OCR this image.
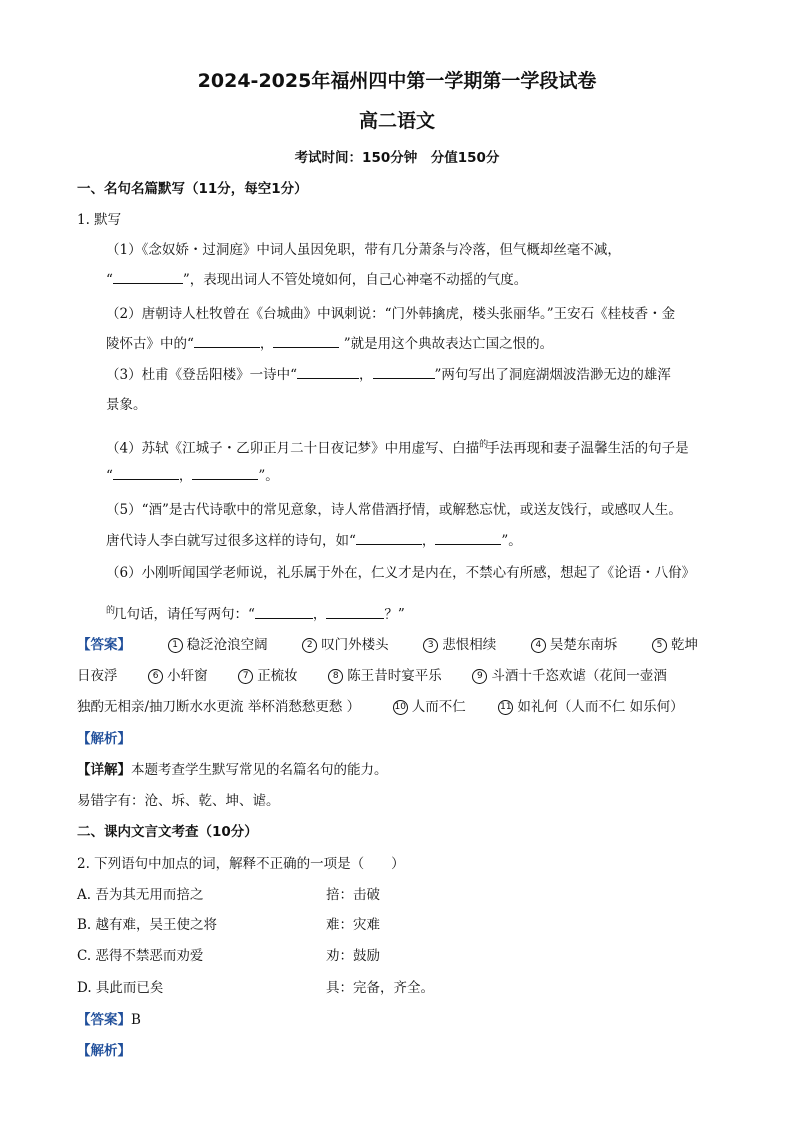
2024-2025年福州四中第一学期第一学段试卷
高二语文
考试时间：150分钟　分值150分
一、名句名篇默写（11分，每空1分）
1. 默写
（1）《念奴娇・过洞庭》中词人虽因免职，带有几分萧条与冷落，但气概却丝毫不减，
“	”，表现出词人不管处境如何，自己心神毫不动摇的气度。
（2）唐朝诗人杜牧曾在《台城曲》中讽刺说：“门外韩擒虎，楼头张丽华。”王安石《桂枝香・金
陵怀古》中的“	，	”就是用这个典故表达亡国之恨的。
（3）杜甫《登岳阳楼》一诗中“	，	”两句写出了洞庭湖烟波浩渺无边的雄浑
景象。
（4）苏轼《江城子・乙卯正月二十日夜记梦》中用虚写、白描$^的$手法再现和妻子温馨生活的句子是
“	，	”。
（5）“酒”是古代诗歌中的常见意象，诗人常借酒抒情，或解愁忘忧，或送友饯行，或感叹人生。
唐代诗人李白就写过很多这样的诗句，如“	，	”。
（6）小刚听闻国学老师说，礼乐属于外在，仁义才是内在，不禁心有所感，想起了《论语・八佾》
$^的$几句话，请任写两句：“	，	？”
【答案】	1 稳泛沧浪空阔	2 叹门外楼头	3 悲恨相续	4 吴楚东南坼	5 乾坤
日夜浮	6 小轩窗	7 正梳妆	8 陈王昔时宴平乐	9 斗酒十千恣欢谑（花间一壶酒
独酌无相亲/抽刀断水水更流 举杯消愁愁更愁 ）	10 人而不仁	11 如礼何（人而不仁 如乐何）
【解析】
【详解】本题考查学生默写常见的名篇名句的能力。
易错字有：沧、坼、乾、坤、谑。
二、课内文言文考查（10分）
2. 下列语句中加点的词，解释不正确的一项是（　　）
A. 吾为其无用而掊之	掊：击破
B. 越有难，吴王使之将	难：灾难
C. 恶得不禁恶而劝爱	劝：鼓励
D. 具此而已矣	具：完备，齐全。
【答案】B
【解析】
